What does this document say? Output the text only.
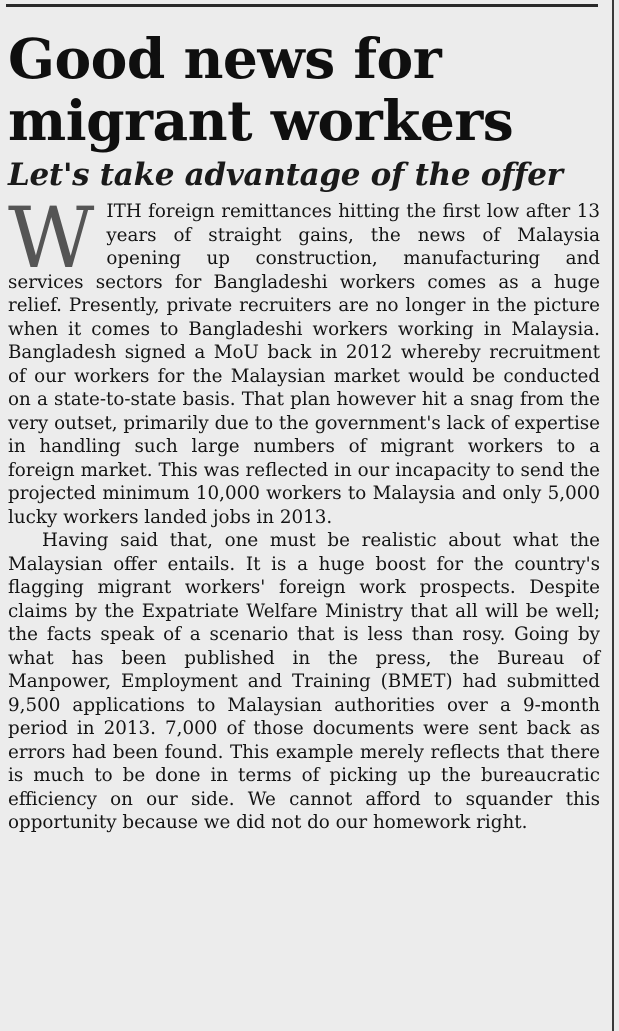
Good news for migrant workers
Let's take advantage of the offer

WITH foreign remittances hitting the first low after 13 years of straight gains, the news of Malaysia opening up construction, manufacturing and services sectors for Bangladeshi workers comes as a huge relief. Presently, private recruiters are no longer in the picture when it comes to Bangladeshi workers working in Malaysia. Bangladesh signed a MoU back in 2012 whereby recruitment of our workers for the Malaysian market would be conducted on a state-to-state basis. That plan however hit a snag from the very outset, primarily due to the government's lack of expertise in handling such large numbers of migrant workers to a foreign market. This was reflected in our incapacity to send the projected minimum 10,000 workers to Malaysia and only 5,000 lucky workers landed jobs in 2013.

Having said that, one must be realistic about what the Malaysian offer entails. It is a huge boost for the country's flagging migrant workers' foreign work prospects. Despite claims by the Expatriate Welfare Ministry that all will be well; the facts speak of a scenario that is less than rosy. Going by what has been published in the press, the Bureau of Manpower, Employment and Training (BMET) had submitted 9,500 applications to Malaysian authorities over a 9-month period in 2013. 7,000 of those documents were sent back as errors had been found. This example merely reflects that there is much to be done in terms of picking up the bureaucratic efficiency on our side. We cannot afford to squander this opportunity because we did not do our homework right.
